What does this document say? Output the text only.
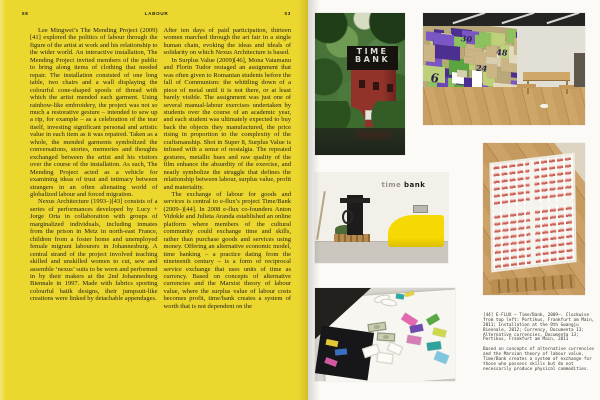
58	LABOUR	03

Lee Mingwei’s The Mending Project (2009)[41] explored the politics of labour through the figure of the artist at work and his relationship to the wider world. An interactive installation, The Mending Project invited members of the public to bring along items of clothing that needed repair. The installation consisted of one long table, two chairs and a wall displaying the colourful cone-shaped spools of thread with which the artist mended each garment. Using rainbow-like embroidery, the project was not so much a restorative gesture – intended to sew up a rip, for example – as a celebration of the tear itself, investing significant personal and artistic value in each item as it was repaired. Taken as a whole, the mended garments symbolized the conversations, stories, memories and thoughts exchanged between the artist and his visitors over the course of the installation. As such, The Mending Project acted as a vehicle for examining ideas of trust and intimacy between strangers in an often alienating world of globalized labour and forced migration.

Nexus Architecture (1993–)[43] consists of a series of performances developed by Lucy + Jorge Orta in collaboration with groups of marginalized individuals, including inmates from the prison in Metz in north-east France, children from a foster home and unemployed female migrant labourers in Johannesburg. A central strand of the project involved teaching skilled and unskilled women to cut, sew and assemble ‘nexus’ suits to be worn and performed in by their makers at the 2nd Johannesburg Biennale in 1997. Made with fabrics sporting colourful batik designs, their jumpsuit-like creations were linked by detachable appendages.

After ten days of paid participation, thirteen women marched through the art fair in a single human chain, evoking the ideas and ideals of solidarity on which Nexus Architecture is based.

In Surplus Value (2009)[46], Mona Vatamanu and Florin Tudor restaged an assignment that was often given to Romanian students before the fall of Communism: the whittling down of a piece of metal until it is not there, or at least barely visible. The assignment was just one of several manual-labour exercises undertaken by students over the course of an academic year, and each student was ultimately expected to buy back the objects they manufactured, the price rising in proportion to the complexity of the craftsmanship. Shot in Super 8, Surplus Value is infused with a sense of nostalgia. The repeated gestures, metallic hues and raw quality of the film enhance the absurdity of the exercise, and neatly symbolize the struggle that defines the relationship between labour, surplus value, profit and materiality.

The exchange of labour for goods and services is central to e-flux’s project Time/Bank (2009–)[44]. In 2008 e-flux co-founders Anton Vidokle and Julieta Aranda established an online platform where members of the cultural community could exchange time and skills, rather than purchase goods and services using money. Offering an alternative economic model, time banking – a practice dating from the nineteenth century – is a form of reciprocal service exchange that uses units of time as currency. Based on concepts of alternative currencies and the Marxist theory of labour value, where the surplus value of labour costs becomes profit, time/bank creates a system of worth that is not dependent on the

TIME
BANK
30
48
24
6
time bank

[44] E-FLUX – Time/Bank, 2009–. Clockwise from top left: Portikus, Frankfurt am Main, 2011; Installation at the 9th Gwangju Biennale, 2012; Currency, Documenta 13; Alternative currencies, Documenta 13; Portikus, Frankfurt am Main, 2011

Based on concepts of alternative currencies and the Marxian theory of labour value, Time/Bank creates a system of exchange for those who possess skills but do not necessarily produce physical commodities.
